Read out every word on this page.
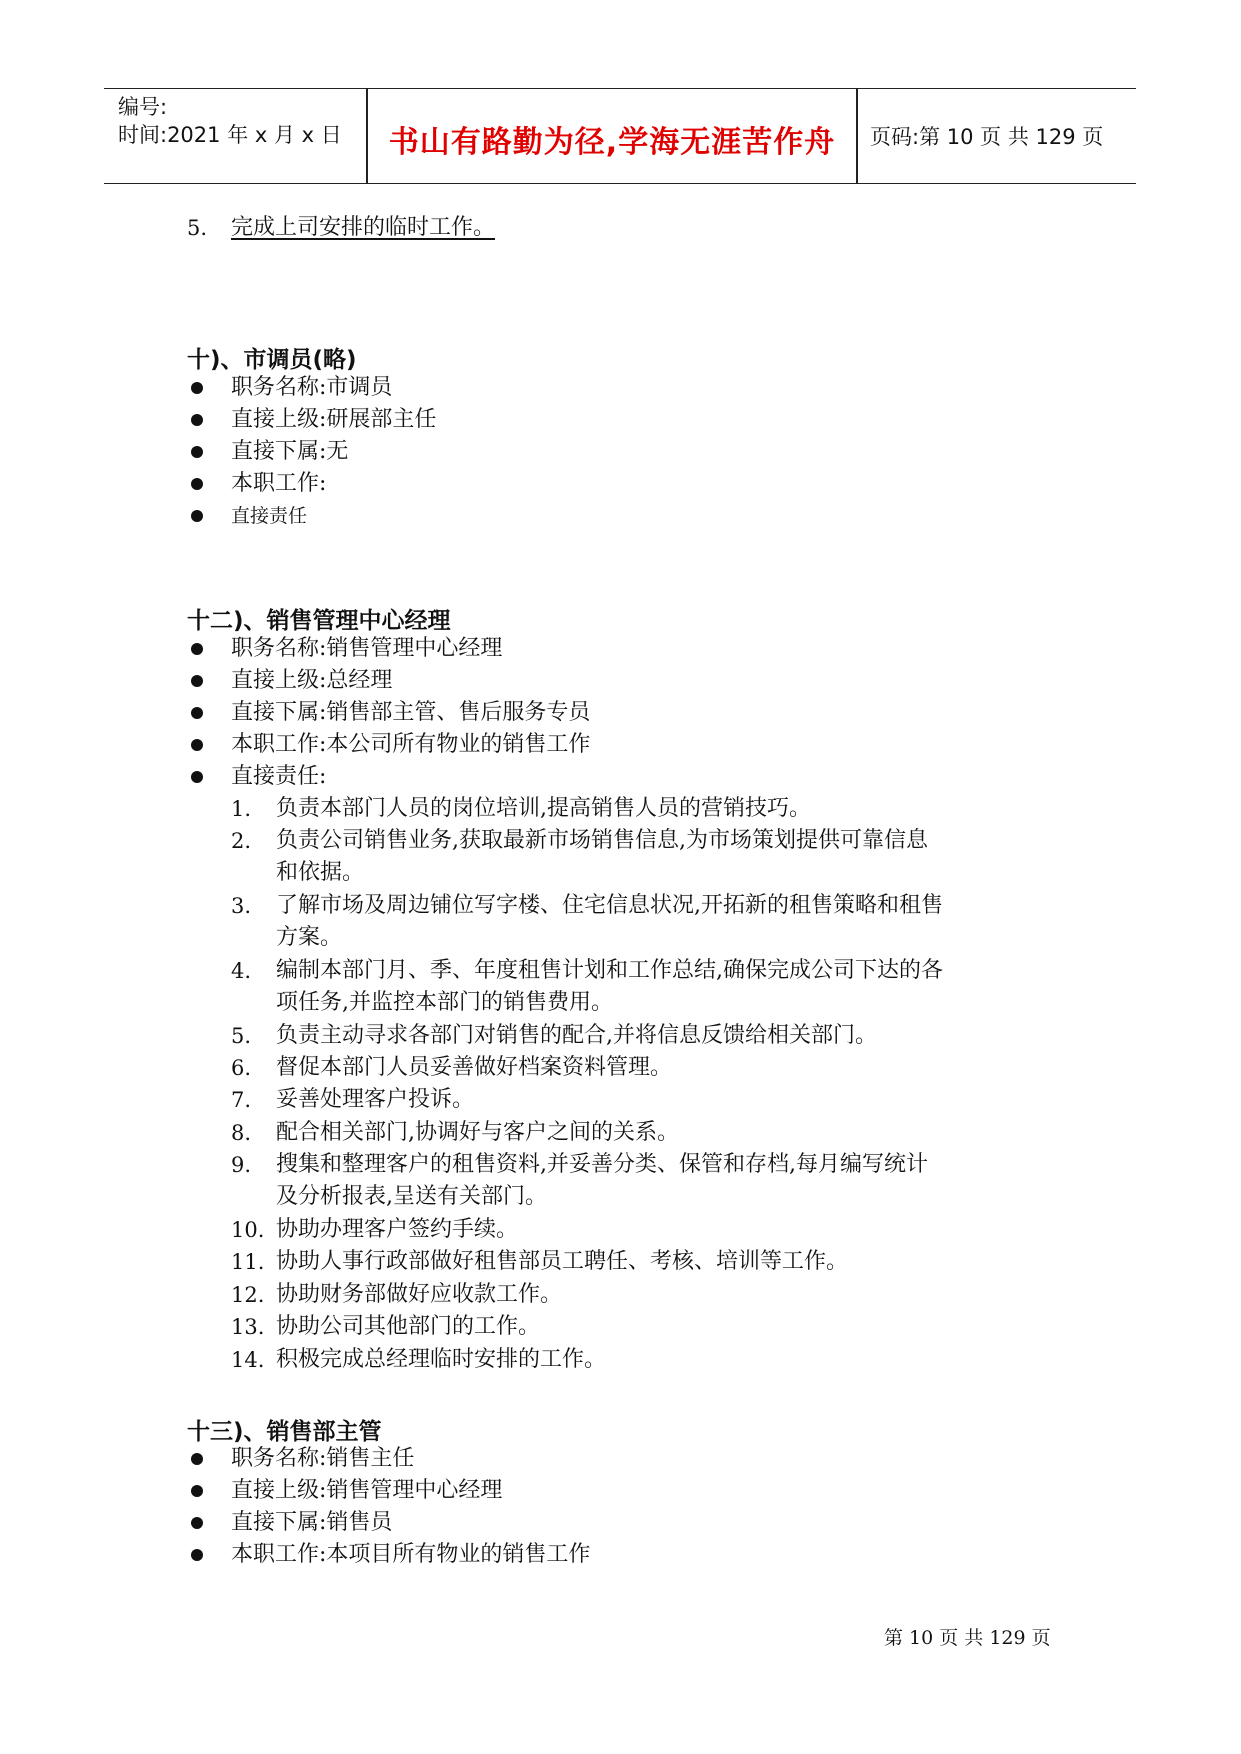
编号:
时间:2021 年 x 月 x 日	书山有路勤为径,学海无涯苦作舟	页码:第 10 页 共 129 页
5. 完成上司安排的临时工作。
十)、市调员(略)
职务名称:市调员
直接上级:研展部主任
直接下属:无
本职工作:
直接责任
十二)、销售管理中心经理
职务名称:销售管理中心经理
直接上级:总经理
直接下属:销售部主管、售后服务专员
本职工作:本公司所有物业的销售工作
直接责任:
1. 负责本部门人员的岗位培训,提高销售人员的营销技巧。
2. 负责公司销售业务,获取最新市场销售信息,为市场策划提供可靠信息
和依据。
3. 了解市场及周边铺位写字楼、住宅信息状况,开拓新的租售策略和租售
方案。
4. 编制本部门月、季、年度租售计划和工作总结,确保完成公司下达的各
项任务,并监控本部门的销售费用。
5. 负责主动寻求各部门对销售的配合,并将信息反馈给相关部门。
6. 督促本部门人员妥善做好档案资料管理。
7. 妥善处理客户投诉。
8. 配合相关部门,协调好与客户之间的关系。
9. 搜集和整理客户的租售资料,并妥善分类、保管和存档,每月编写统计
及分析报表,呈送有关部门。
10. 协助办理客户签约手续。
11. 协助人事行政部做好租售部员工聘任、考核、培训等工作。
12. 协助财务部做好应收款工作。
13. 协助公司其他部门的工作。
14. 积极完成总经理临时安排的工作。
十三)、销售部主管
职务名称:销售主任
直接上级:销售管理中心经理
直接下属:销售员
本职工作:本项目所有物业的销售工作
第 10 页 共 129 页
